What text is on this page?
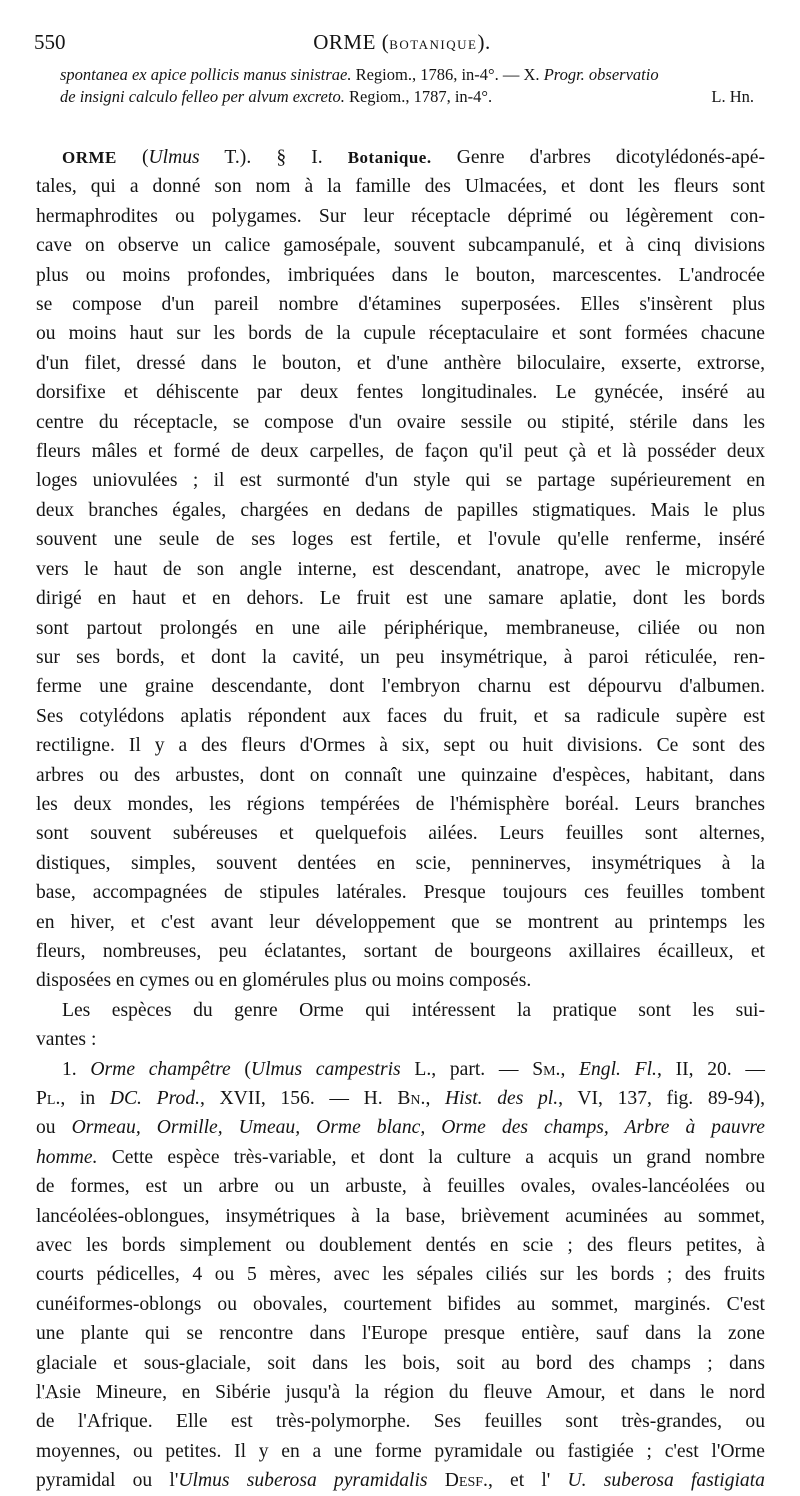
550	ORME (BOTANIQUE).
spontanea ex apice pollicis manus sinistrae. Regiom., 1786, in-4°. — X. Progr. observatio
de insigni calculo felleo per alvum excreto. Regiom., 1787, in-4°.	L. Hn.

ORME (Ulmus T.). § I. Botanique. Genre d'arbres dicotylédonés-apé-
tales, qui a donné son nom à la famille des Ulmacées, et dont les fleurs sont
hermaphrodites ou polygames. Sur leur réceptacle déprimé ou légèrement con-
cave on observe un calice gamosépale, souvent subcampanulé, et à cinq divisions
plus ou moins profondes, imbriquées dans le bouton, marcescentes. L'androcée
se compose d'un pareil nombre d'étamines superposées. Elles s'insèrent plus
ou moins haut sur les bords de la cupule réceptaculaire et sont formées chacune
d'un filet, dressé dans le bouton, et d'une anthère biloculaire, exserte, extrorse,
dorsifixe et déhiscente par deux fentes longitudinales. Le gynécée, inséré au
centre du réceptacle, se compose d'un ovaire sessile ou stipité, stérile dans les
fleurs mâles et formé de deux carpelles, de façon qu'il peut çà et là posséder deux
loges uniovulées ; il est surmonté d'un style qui se partage supérieurement en
deux branches égales, chargées en dedans de papilles stigmatiques. Mais le plus
souvent une seule de ses loges est fertile, et l'ovule qu'elle renferme, inséré
vers le haut de son angle interne, est descendant, anatrope, avec le micropyle
dirigé en haut et en dehors. Le fruit est une samare aplatie, dont les bords
sont partout prolongés en une aile périphérique, membraneuse, ciliée ou non
sur ses bords, et dont la cavité, un peu insymétrique, à paroi réticulée, ren-
ferme une graine descendante, dont l'embryon charnu est dépourvu d'albumen.
Ses cotylédons aplatis répondent aux faces du fruit, et sa radicule supère est
rectiligne. Il y a des fleurs d'Ormes à six, sept ou huit divisions. Ce sont des
arbres ou des arbustes, dont on connaît une quinzaine d'espèces, habitant, dans
les deux mondes, les régions tempérées de l'hémisphère boréal. Leurs branches
sont souvent subéreuses et quelquefois ailées. Leurs feuilles sont alternes,
distiques, simples, souvent dentées en scie, penninerves, insymétriques à la
base, accompagnées de stipules latérales. Presque toujours ces feuilles tombent
en hiver, et c'est avant leur développement que se montrent au printemps les
fleurs, nombreuses, peu éclatantes, sortant de bourgeons axillaires écailleux, et
disposées en cymes ou en glomérules plus ou moins composés.

Les espèces du genre Orme qui intéressent la pratique sont les sui-
vantes :

1. Orme champêtre (Ulmus campestris L., part. — Sm., Engl. Fl., II, 20. —
Pl., in DC. Prod., XVII, 156. — H. Bn., Hist. des pl., VI, 137, fig. 89-94),
ou Ormeau, Ormille, Umeau, Orme blanc, Orme des champs, Arbre à pauvre
homme. Cette espèce très-variable, et dont la culture a acquis un grand nombre
de formes, est un arbre ou un arbuste, à feuilles ovales, ovales-lancéolées ou
lancéolées-oblongues, insymétriques à la base, brièvement acuminées au sommet,
avec les bords simplement ou doublement dentés en scie ; des fleurs petites, à
courts pédicelles, 4 ou 5 mères, avec les sépales ciliés sur les bords ; des fruits
cunéiformes-oblongs ou obovales, courtement bifides au sommet, marginés. C'est
une plante qui se rencontre dans l'Europe presque entière, sauf dans la zone
glaciale et sous-glaciale, soit dans les bois, soit au bord des champs ; dans
l'Asie Mineure, en Sibérie jusqu'à la région du fleuve Amour, et dans le nord
de l'Afrique. Elle est très-polymorphe. Ses feuilles sont très-grandes, ou
moyennes, ou petites. Il y en a une forme pyramidale ou fastigiée ; c'est l'Orme
pyramidal ou l'Ulmus suberosa pyramidalis Desf., et l' U. suberosa fastigiata
